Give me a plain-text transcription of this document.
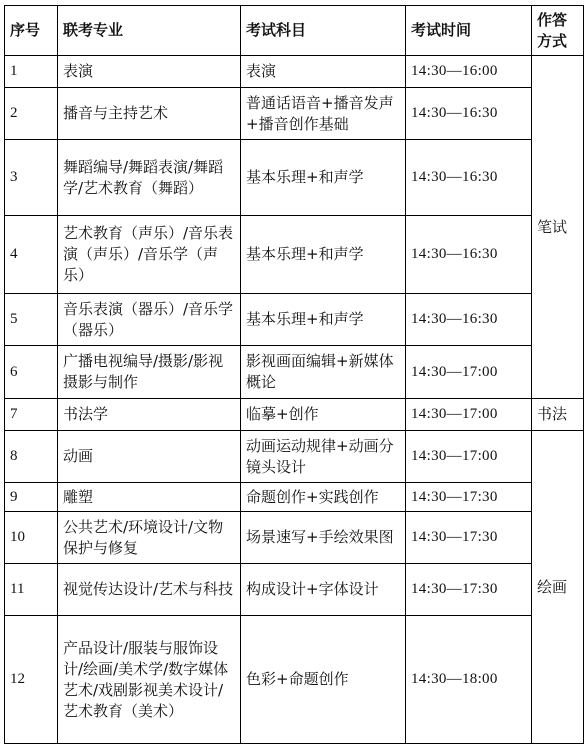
序号	联考专业	考试科目	考试时间	作答方式
1	表演	表演	14:30—16:00	笔试
2	播音与主持艺术	普通话语音+播音发声+播音创作基础	14:30—16:30	
3	舞蹈编导/舞蹈表演/舞蹈学/艺术教育（舞蹈）	基本乐理+和声学	14:30—16:30	
4	艺术教育（声乐）/音乐表演（声乐）/音乐学（声乐）	基本乐理+和声学	14:30—16:30	
5	音乐表演（器乐）/音乐学（器乐）	基本乐理+和声学	14:30—16:30	
6	广播电视编导/摄影/影视摄影与制作	影视画面编辑+新媒体概论	14:30—17:00	
7	书法学	临摹+创作	14:30—17:00	书法
8	动画	动画运动规律+动画分镜头设计	14:30—17:00	绘画
9	雕塑	命题创作+实践创作	14:30—17:30	
10	公共艺术/环境设计/文物保护与修复	场景速写+手绘效果图	14:30—17:30	
11	视觉传达设计/艺术与科技	构成设计+字体设计	14:30—17:30	
12	产品设计/服装与服饰设计/绘画/美术学/数字媒体艺术/戏剧影视美术设计/艺术教育（美术）	色彩+命题创作	14:30—18:00	
